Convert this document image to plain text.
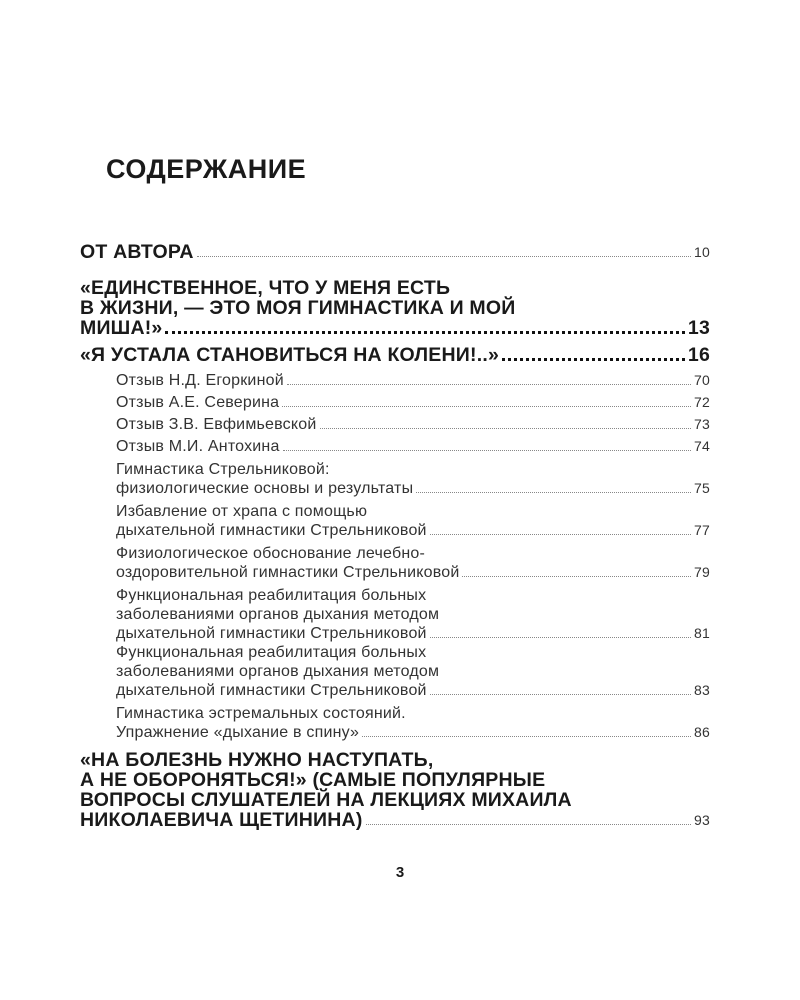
СОДЕРЖАНИЕ
ОТ АВТОРА	10
«ЕДИНСТВЕННОЕ, ЧТО У МЕНЯ ЕСТЬ
В ЖИЗНИ, — ЭТО МОЯ ГИМНАСТИКА И МОЙ
МИША!»	13
«Я УСТАЛА СТАНОВИТЬСЯ НА КОЛЕНИ!..»	16
Отзыв Н.Д. Егоркиной	70
Отзыв А.Е. Северина	72
Отзыв З.В. Евфимьевской	73
Отзыв М.И. Антохина	74
Гимнастика Стрельниковой:
физиологические основы и результаты	75
Избавление от храпа с помощью
дыхательной гимнастики Стрельниковой	77
Физиологическое обоснование лечебно-
оздоровительной гимнастики Стрельниковой	79
Функциональная реабилитация больных
заболеваниями органов дыхания методом
дыхательной гимнастики Стрельниковой	81
Функциональная реабилитация больных
заболеваниями органов дыхания методом
дыхательной гимнастики Стрельниковой	83
Гимнастика эстремальных состояний.
Упражнение «дыхание в спину»	86
«НА БОЛЕЗНЬ НУЖНО НАСТУПАТЬ,
А НЕ ОБОРОНЯТЬСЯ!» (САМЫЕ ПОПУЛЯРНЫЕ
ВОПРОСЫ СЛУШАТЕЛЕЙ НА ЛЕКЦИЯХ МИХАИЛА
НИКОЛАЕВИЧА ЩЕТИНИНА)	93
3
